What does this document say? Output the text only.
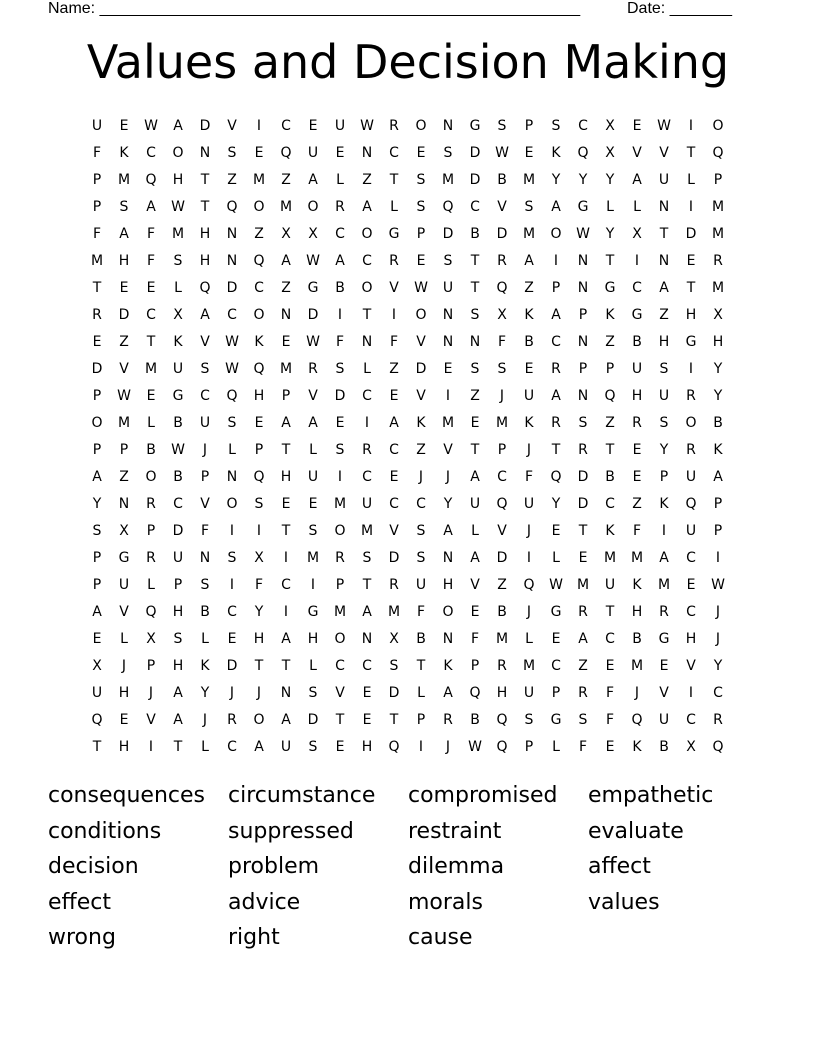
Name: ______________________________________________________	Date: _______
Values and Decision Making
U	E	W	A	D	V	I	C	E	U	W	R	O	N	G	S	P	S	C	X	E	W	I	O
F	K	C	O	N	S	E	Q	U	E	N	C	E	S	D	W	E	K	Q	X	V	V	T	Q
P	M	Q	H	T	Z	M	Z	A	L	Z	T	S	M	D	B	M	Y	Y	Y	A	U	L	P
P	S	A	W	T	Q	O	M	O	R	A	L	S	Q	C	V	S	A	G	L	L	N	I	M
F	A	F	M	H	N	Z	X	X	C	O	G	P	D	B	D	M	O	W	Y	X	T	D	M
M	H	F	S	H	N	Q	A	W	A	C	R	E	S	T	R	A	I	N	T	I	N	E	R
T	E	E	L	Q	D	C	Z	G	B	O	V	W	U	T	Q	Z	P	N	G	C	A	T	M
R	D	C	X	A	C	O	N	D	I	T	I	O	N	S	X	K	A	P	K	G	Z	H	X
E	Z	T	K	V	W	K	E	W	F	N	F	V	N	N	F	B	C	N	Z	B	H	G	H
D	V	M	U	S	W	Q	M	R	S	L	Z	D	E	S	S	E	R	P	P	U	S	I	Y
P	W	E	G	C	Q	H	P	V	D	C	E	V	I	Z	J	U	A	N	Q	H	U	R	Y
O	M	L	B	U	S	E	A	A	E	I	A	K	M	E	M	K	R	S	Z	R	S	O	B
P	P	B	W	J	L	P	T	L	S	R	C	Z	V	T	P	J	T	R	T	E	Y	R	K
A	Z	O	B	P	N	Q	H	U	I	C	E	J	J	A	C	F	Q	D	B	E	P	U	A
Y	N	R	C	V	O	S	E	E	M	U	C	C	Y	U	Q	U	Y	D	C	Z	K	Q	P
S	X	P	D	F	I	I	T	S	O	M	V	S	A	L	V	J	E	T	K	F	I	U	P
P	G	R	U	N	S	X	I	M	R	S	D	S	N	A	D	I	L	E	M	M	A	C	I
P	U	L	P	S	I	F	C	I	P	T	R	U	H	V	Z	Q	W	M	U	K	M	E	W
A	V	Q	H	B	C	Y	I	G	M	A	M	F	O	E	B	J	G	R	T	H	R	C	J
E	L	X	S	L	E	H	A	H	O	N	X	B	N	F	M	L	E	A	C	B	G	H	J
X	J	P	H	K	D	T	T	L	C	C	S	T	K	P	R	M	C	Z	E	M	E	V	Y
U	H	J	A	Y	J	J	N	S	V	E	D	L	A	Q	H	U	P	R	F	J	V	I	C
Q	E	V	A	J	R	O	A	D	T	E	T	P	R	B	Q	S	G	S	F	Q	U	C	R
T	H	I	T	L	C	A	U	S	E	H	Q	I	J	W	Q	P	L	F	E	K	B	X	Q
consequences circumstance compromised empathetic
conditions	suppressed restraint	evaluate
decision	problem	dilemma	affect
effect	advice	morals	values
wrong	right	cause
